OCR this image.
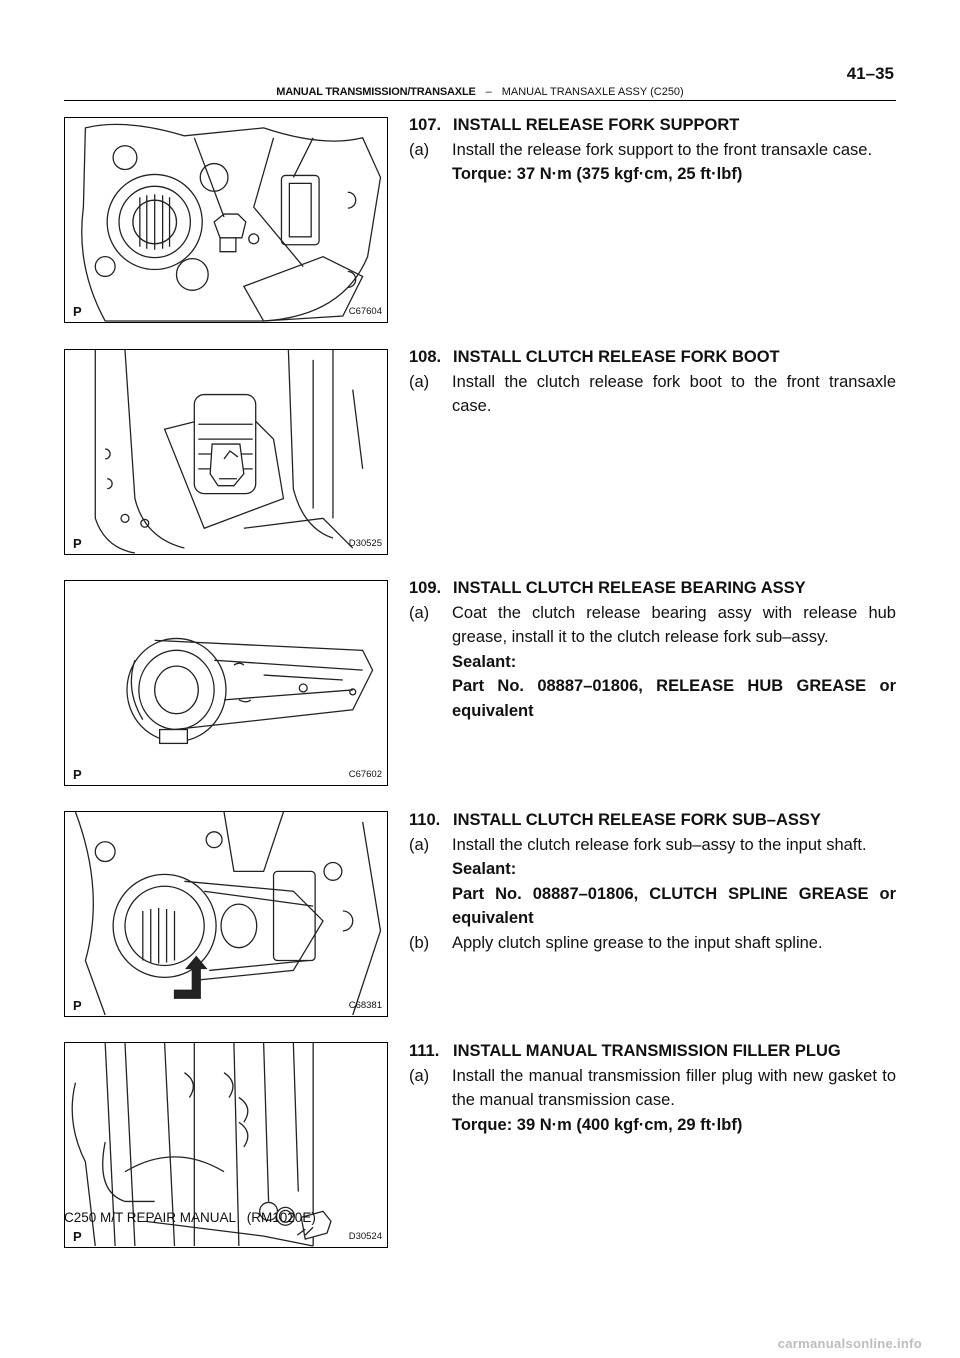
41–35
MANUAL TRANSMISSION/TRANSAXLE – MANUAL TRANSAXLE ASSY (C250)
P	C67604
P	D30525
P	C67602
P	C68381
P	D30524
107. INSTALL RELEASE FORK SUPPORT
(a)	Install the release fork support to the front transaxle case.
Torque: 37 N·m (375 kgf·cm, 25 ft·lbf)
108. INSTALL CLUTCH RELEASE FORK BOOT
(a)	Install the clutch release fork boot to the front transaxle case.
109. INSTALL CLUTCH RELEASE BEARING ASSY
(a)	Coat the clutch release bearing assy with release hub grease, install it to the clutch release fork sub–assy.
Sealant:
Part No. 08887–01806, RELEASE HUB GREASE or equivalent
110. INSTALL CLUTCH RELEASE FORK SUB–ASSY
(a)	Install the clutch release fork sub–assy to the input shaft.
Sealant:
Part No. 08887–01806, CLUTCH SPLINE GREASE or equivalent
(b)	Apply clutch spline grease to the input shaft spline.
111. INSTALL MANUAL TRANSMISSION FILLER PLUG
(a)	Install the manual transmission filler plug with new gasket to the manual transmission case.
Torque: 39 N·m (400 kgf·cm, 29 ft·lbf)
C250 M/T REPAIR MANUAL   (RM1020E)
carmanualsonline.info
